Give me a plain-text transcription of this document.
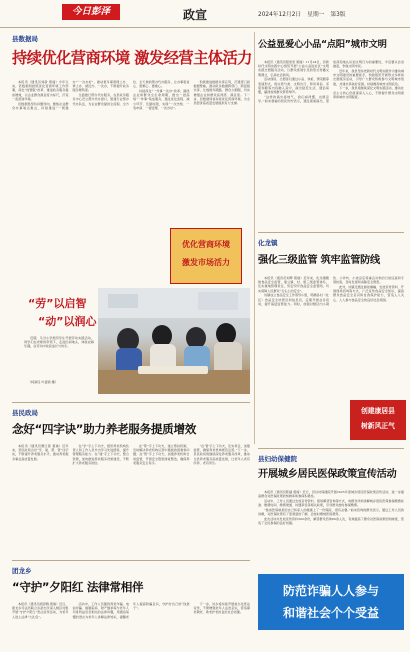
今日彭泽	政宣	2024年12月2日 星期一 第3版
县数据局
持续优化营商环境 激发经营主体活力

本报讯（通讯员刘新 葛瑜）今年以来，县数据局按照优化营商环境工作部署，深化“放管服”改革，推进政务服务提质增效，以企业群众满意度为标尺，打造一流营商环境。

县数据局坚持问题导向，聚焦企业群众办事堵点难点，持续推进“一网通办”“一次办好”，推动更多事项网上办、掌上办、就近办、一次办，不断提升政务服务便利度。

全面推行帮办代办服务，在县政务服务中心设立帮办代办窗口，组建专业帮办代办队伍，为企业群众提供全流程、全方位、全天候的帮办代办服务，让办事更省心、更顺心、更暖心。

持续深化“一件事一次办”改革，围绕企业和群众全生命周期，推出一批高频“一件事”集成服务，通过优化流程、减少环节、压缩时限，实现“一次告知、一表申请、一窗受理、一次办好”。

积极推进数据共享应用，打通部门间数据壁垒，推动政务数据跨部门、跨层级共享，让数据多跑路、群众少跑腿，切实增强企业和群众获得感、满意度。下一步，县数据局将持续优化营商环境，为全县经济高质量发展提供有力支撑。

优化营商环境
激发市场活力
公益显爱心小品“点阳”城市文明

本报讯（通讯员程雯雯 葛瑜）11月24日，县新时代文明实践中心组织开展“公益小品进社区”文明实践志愿服务活动，以群众喜闻乐见的形式传播文明理念，弘扬社会新风。

活动现场，志愿者们通过小品、快板、情景剧等表演形式，将垃圾分类、文明出行、移风易俗、邻里和睦等内容融入其中，演出贴近生活、通俗易懂，赢得现场群众阵阵掌声。

“这样的演出接地气，我们看得懂，也愿意学。”前来观看的居民纷纷表示，通过观看演出，更加深刻地认识到文明行为的重要性，今后要从自身做起，争做文明市民。

近年来，我县坚持把新时代文明实践作为推动城市文明建设的重要抓手，积极组织开展形式多样的志愿服务活动，引导广大群众积极参与文明城市创建，共建共享美好家园，持续擦亮城市文明底色。

下一步，我县将继续深化文明实践活动，推动社会主义核心价值观深入人心，不断提升群众文明素养和城市文明程度。

化龙镇
强化三级监管 筑牢监管防线

本报讯（通讯员刘辉 葛瑜）近年来，化龙镇聚焦食品安全监管，建立镇、村、组三级监管体系，压实属地管理责任，织密织牢食品安全监管网，切实保障人民群众“舌尖上的安全”。

该镇成立食品安全工作领导小组，明确各村（社区）食品安全协管员和信息员，定期开展业务培训，提升基层监管能力。同时，加强对辖区内小餐饮、小作坊、小食杂店等重点对象的日常巡查和专项检查，及时发现和消除安全隐患。

此外，该镇还通过悬挂横幅、发放宣传资料、开展现场咨询等方式，广泛宣传食品安全知识，提高群众食品安全意识和自我保护能力，营造人人关心、人人参与食品安全的良好社会氛围。

创建康居县
树新风正气
“劳”以启智
“动”以润心
近期，马当小学组织学生开展劳动实践活动，同学们在老师的带领下，走进田间地头，体验农耕乐趣，在劳动中收获成长与快乐。
（柯润钰 叶盛锦 摄）
县民政局
念好“四字诀”助力养老服务提质增效

本报讯（通讯员曹红燕 葛瑜）近年来，县民政局念好“学、建、帮、管”四字诀，不断提升养老服务水平，推动养老服务事业高质量发展。

在“学”字上下功夫，组织养老机构负责人和工作人员外出学习先进经验，提升管理服务能力；在“建”字上下功夫，整合资源，加快推进养老服务设施建设，不断扩大养老服务供给。

在“帮”字上下功夫，建立帮扶机制，及时解决养老机构运营中遇到的困难和问题；在“管”字上下功夫，加强养老机构日常监管，开展安全隐患排查整治，确保养老服务安全有序。

“在‘管’字上下功夫，压实责任，加强监管，确保养老机构规范运营。”下一步，县民政局将继续深化养老服务改革，推动全县养老服务高质量发展，让老年人老有所养、老有所乐。	县妇幼保健院
开展城乡居民医保政策宣传活动

本报讯（通讯员陈越 葛瑜）近日，县妇幼保健院开展2025年度城乡居民医保政策宣传活动，进一步提高群众对医保政策的知晓率和参保积极性。

活动中，工作人员通过发放宣传资料、现场解答咨询等方式，向群众详细讲解城乡居民医保参保缴费标准、缴费时间、缴费渠道、待遇享受等相关政策，引导群众按时参保缴费。

“参加医保就是给自己和家人的健康上了一份保险，很有必要。”前来咨询的群众表示，通过工作人员的讲解，对医保政策有了更清楚的了解，会按时缴纳医保费用。

此次活动共发放宣传资料300余份，解答群众咨询80余人次，有效提高了群众对医保政策的知晓度，营造了全民参保的良好氛围。

防范诈骗人人参与
和谐社会个个受益
团龙乡
“守护”夕阳红 法律常相伴

本报讯（通讯员胡思雅 葛瑜）近日，团龙乡司法所联合乡派出所深入辖区村组开展“守护夕阳红”普法宣传活动，为老年人送上法律“大礼包”。

活动中，工作人员围绕养老诈骗、电信诈骗、婚姻家庭、财产继承等与老年人切身利益息息相关的法律问题，用通俗易懂的语言为老年人讲解法律知识，提醒老年人提高防骗意识，守护好自己的“钱袋子”。

下一步，该乡将持续开展常态化普法宣传，不断增强老年人法治意识，营造尊老敬老、助老护老的良好社会氛围。
